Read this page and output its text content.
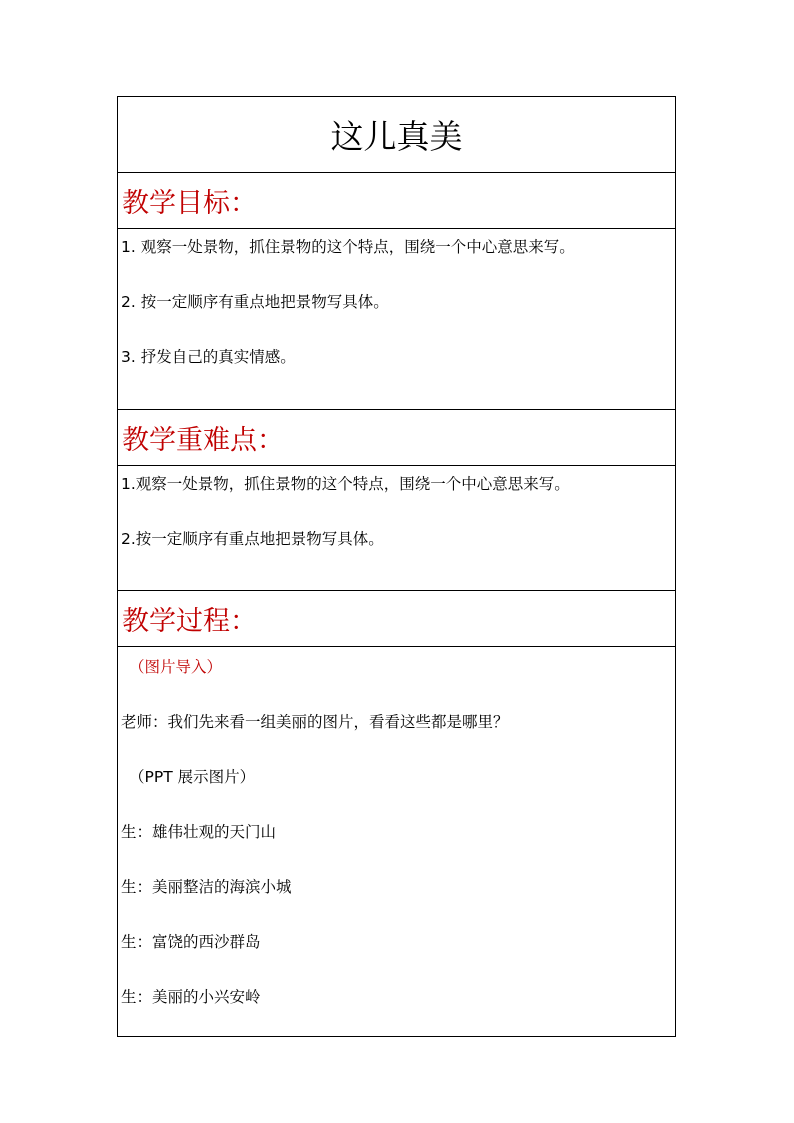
这儿真美
教学目标：

1. 观察一处景物，抓住景物的这个特点，围绕一个中心意思来写。
2. 按一定顺序有重点地把景物写具体。
3. 抒发自己的真实情感。

教学重难点：

1.观察一处景物，抓住景物的这个特点，围绕一个中心意思来写。
2.按一定顺序有重点地把景物写具体。

教学过程：

（图片导入）
老师：我们先来看一组美丽的图片，看看这些都是哪里？
（PPT 展示图片）
生：雄伟壮观的天门山
生：美丽整洁的海滨小城
生：富饶的西沙群岛
生：美丽的小兴安岭
